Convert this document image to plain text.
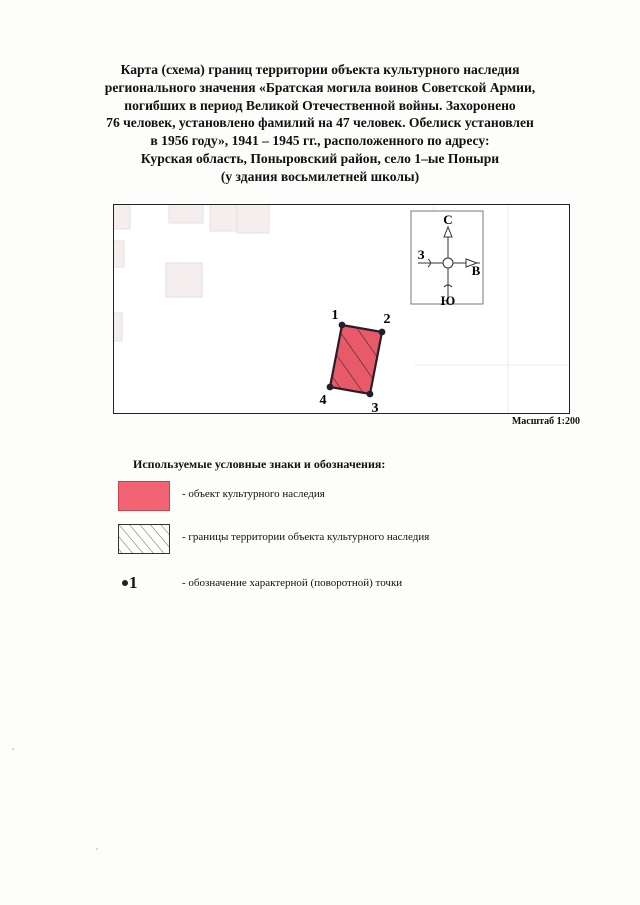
Карта (схема) границ территории объекта культурного наследия
регионального значения «Братская могила воинов Советской Армии,
погибших в период Великой Отечественной войны. Захоронено
76 человек, установлено фамилий на 47 человек. Обелиск установлен
в 1956 году», 1941 – 1945 гг., расположенного по адресу:
Курская область, Поныровский район, село 1–ые Поныри
(у здания восьмилетней школы)
С
Ю
З
В
1	2
3
4
Масштаб 1:200
Используемые условные знаки и обозначения:
- объект культурного наследия
- границы территории объекта культурного наследия
1	- обозначение характерной (поворотной) точки
